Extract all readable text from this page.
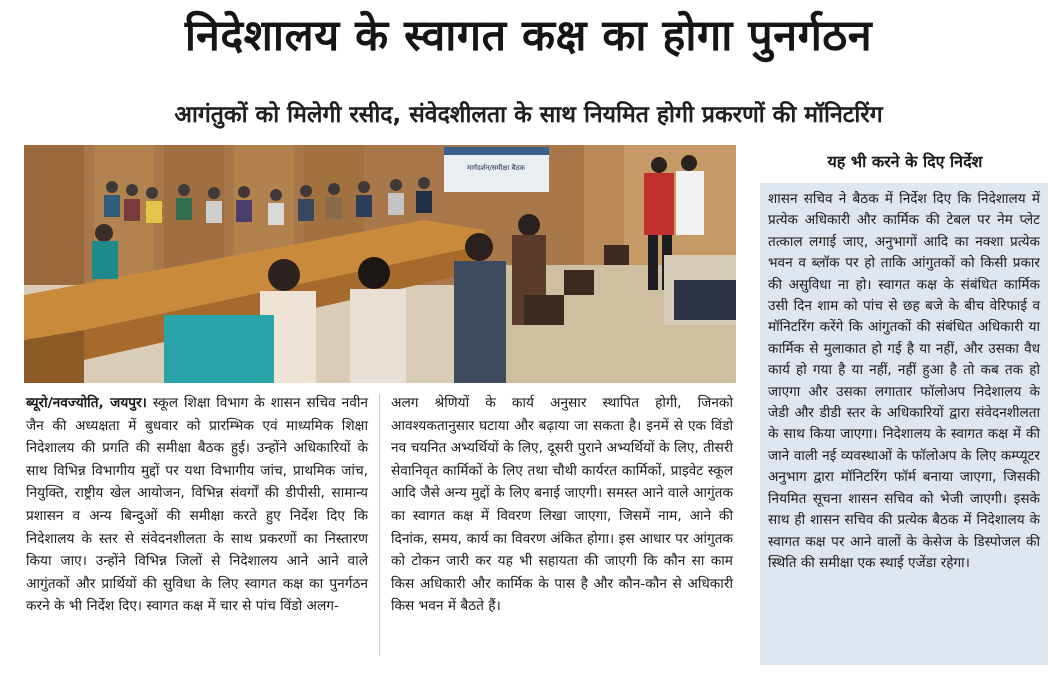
निदेशालय के स्वागत कक्ष का होगा पुनर्गठन
आगंतुकों को मिलेगी रसीद, संवेदशीलता के साथ नियमित होगी प्रकरणों की मॉनिटरिंग
मार्गदर्शन/समीक्षा बैठक	यह भी करने के दिए निर्देश

शासन सचिव ने बैठक में निर्देश दिए कि निदेशालय में प्रत्येक अधिकारी और कार्मिक की टेबल पर नेम प्लेट तत्काल लगाई जाए, अनुभागों आदि का नक्शा प्रत्येक भवन व ब्लॉक पर हो ताकि आंगुतकों को किसी प्रकार की असुविधा ना हो। स्वागत कक्ष के संबंधित कार्मिक उसी दिन शाम को पांच से छह बजे के बीच वेरिफाई व मॉनिटरिंग करेंगे कि आंगुतकों की संबंधित अधिकारी या कार्मिक से मुलाकात हो गई है या नहीं, और उसका वैध कार्य हो गया है या नहीं, नहीं हुआ है तो कब तक हो जाएगा और उसका लगातार फॉलोअप निदेशालय के जेडी और डीडी स्तर के अधिकारियों द्वारा संवेदनशीलता के साथ किया जाएगा। निदेशालय के स्वागत कक्ष में की जाने वाली नई व्यवस्थाओं के फॉलोअप के लिए कम्प्यूटर अनुभाग द्वारा मॉनिटरिंग फॉर्म बनाया जाएगा, जिसकी नियमित सूचना शासन सचिव को भेजी जाएगी। इसके साथ ही शासन सचिव की प्रत्येक बैठक में निदेशालय के स्वागत कक्ष पर आने वालों के केसेज के डिस्पोजल की स्थिति की समीक्षा एक स्थाई एजेंडा रहेगा।

ब्यूरो/नवज्योति, जयपुर। स्कूल शिक्षा विभाग के शासन सचिव नवीन जैन की अध्यक्षता में बुधवार को प्रारम्भिक एवं माध्यमिक शिक्षा निदेशालय की प्रगति की समीक्षा बैठक हुई। उन्होंने अधिकारियों के साथ विभिन्न विभागीय मुद्दों पर यथा विभागीय जांच, प्राथमिक जांच, नियुक्ति, राष्ट्रीय खेल आयोजन, विभिन्न संवर्गों की डीपीसी, सामान्य प्रशासन व अन्य बिन्दुओं की समीक्षा करते हुए निर्देश दिए कि निदेशालय के स्तर से संवेदनशीलता के साथ प्रकरणों का निस्तारण किया जाए। उन्होंने विभिन्न जिलों से निदेशालय आने आने वाले आगुंतकों और प्रार्थियों की सुविधा के लिए स्वागत कक्ष का पुनर्गठन करने के भी निर्देश दिए। स्वागत कक्ष में चार से पांच विंडो अलग-

अलग श्रेणियों के कार्य अनुसार स्थापित होगी, जिनको आवश्यकतानुसार घटाया और बढ़ाया जा सकता है। इनमें से एक विंडो नव चयनित अभ्यर्थियों के लिए, दूसरी पुराने अभ्यर्थियों के लिए, तीसरी सेवानिवृत कार्मिकों के लिए तथा चौथी कार्यरत कार्मिकों, प्राइवेट स्कूल आदि जैसे अन्य मुद्दों के लिए बनाई जाएगी। समस्त आने वाले आगुंतक का स्वागत कक्ष में विवरण लिखा जाएगा, जिसमें नाम, आने की दिनांक, समय, कार्य का विवरण अंकित होगा। इस आधार पर आंगुतक को टोकन जारी कर यह भी सहायता की जाएगी कि कौन सा काम किस अधिकारी और कार्मिक के पास है और कौन-कौन से अधिकारी किस भवन में बैठते हैं।
